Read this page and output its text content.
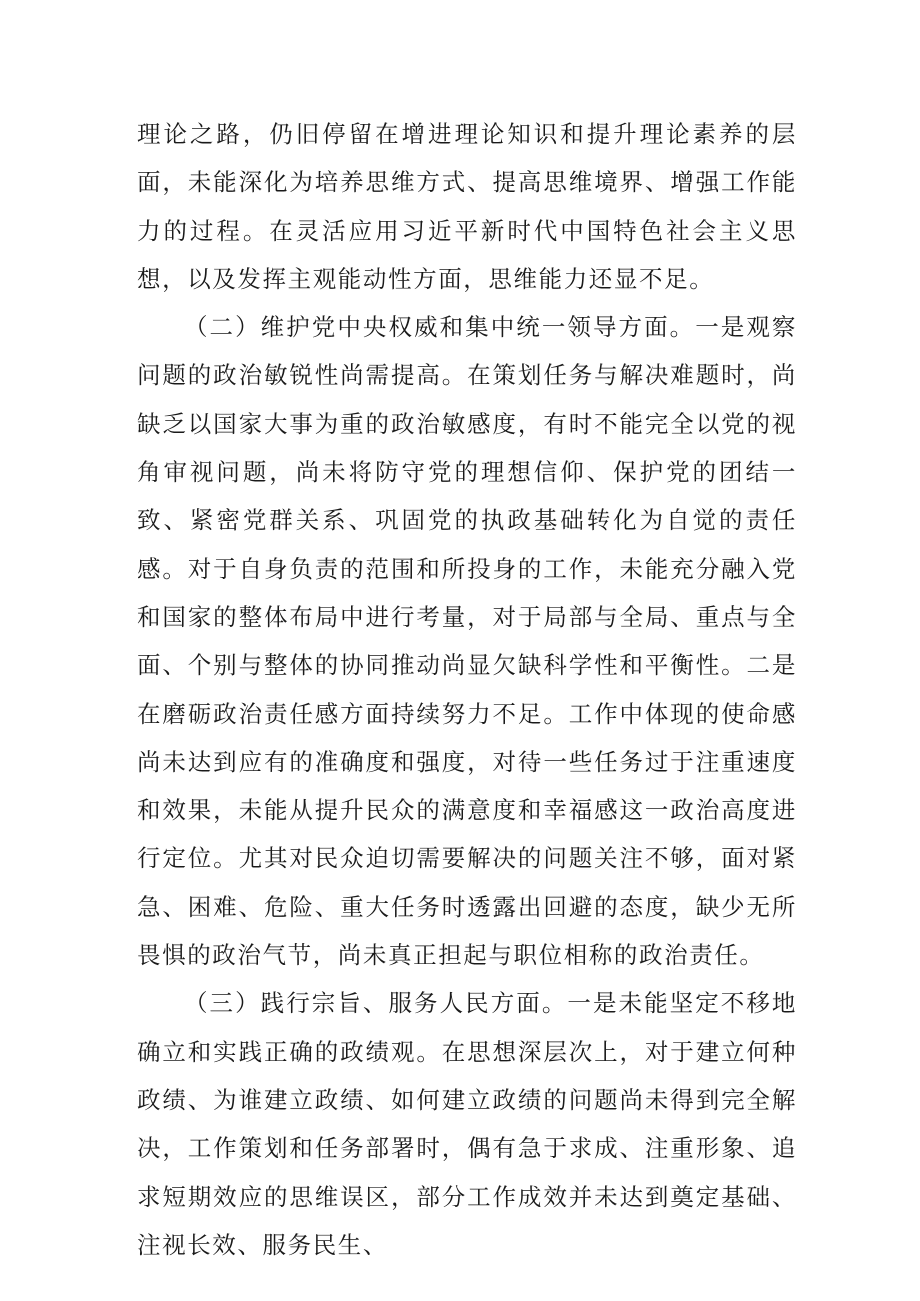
理论之路，仍旧停留在增进理论知识和提升理论素养的层面，未能深化为培养思维方式、提高思维境界、增强工作能力的过程。在灵活应用习近平新时代中国特色社会主义思想，以及发挥主观能动性方面，思维能力还显不足。

（二）维护党中央权威和集中统一领导方面。一是观察问题的政治敏锐性尚需提高。在策划任务与解决难题时，尚缺乏以国家大事为重的政治敏感度，有时不能完全以党的视角审视问题，尚未将防守党的理想信仰、保护党的团结一致、紧密党群关系、巩固党的执政基础转化为自觉的责任感。对于自身负责的范围和所投身的工作，未能充分融入党和国家的整体布局中进行考量，对于局部与全局、重点与全面、个别与整体的协同推动尚显欠缺科学性和平衡性。二是在磨砺政治责任感方面持续努力不足。工作中体现的使命感尚未达到应有的准确度和强度，对待一些任务过于注重速度和效果，未能从提升民众的满意度和幸福感这一政治高度进行定位。尤其对民众迫切需要解决的问题关注不够，面对紧急、困难、危险、重大任务时透露出回避的态度，缺少无所畏惧的政治气节，尚未真正担起与职位相称的政治责任。

（三）践行宗旨、服务人民方面。一是未能坚定不移地确立和实践正确的政绩观。在思想深层次上，对于建立何种政绩、为谁建立政绩、如何建立政绩的问题尚未得到完全解决，工作策划和任务部署时，偶有急于求成、注重形象、追求短期效应的思维误区，部分工作成效并未达到奠定基础、注视长效、服务民生、
